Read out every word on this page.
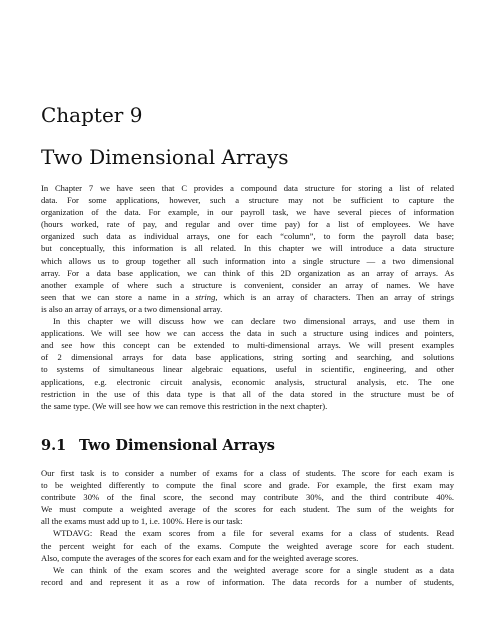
Chapter 9
Two Dimensional Arrays
In Chapter 7 we have seen that C provides a compound data structure for storing a list of related
data. For some applications, however, such a structure may not be sufficient to capture the
organization of the data. For example, in our payroll task, we have several pieces of information
(hours worked, rate of pay, and regular and over time pay) for a list of employees. We have
organized such data as individual arrays, one for each “column”, to form the payroll data base;
but conceptually, this information is all related. In this chapter we will introduce a data structure
which allows us to group together all such information into a single structure — a two dimensional
array. For a data base application, we can think of this 2D organization as an array of arrays. As
another example of where such a structure is convenient, consider an array of names. We have
seen that we can store a name in a string, which is an array of characters. Then an array of strings
is also an array of arrays, or a two dimensional array.
In this chapter we will discuss how we can declare two dimensional arrays, and use them in
applications. We will see how we can access the data in such a structure using indices and pointers,
and see how this concept can be extended to multi-dimensional arrays. We will present examples
of 2 dimensional arrays for data base applications, string sorting and searching, and solutions
to systems of simultaneous linear algebraic equations, useful in scientific, engineering, and other
applications, e.g. electronic circuit analysis, economic analysis, structural analysis, etc. The one
restriction in the use of this data type is that all of the data stored in the structure must be of
the same type. (We will see how we can remove this restriction in the next chapter).
9.1 Two Dimensional Arrays
Our first task is to consider a number of exams for a class of students. The score for each exam is
to be weighted differently to compute the final score and grade. For example, the first exam may
contribute 30% of the final score, the second may contribute 30%, and the third contribute 40%.
We must compute a weighted average of the scores for each student. The sum of the weights for
all the exams must add up to 1, i.e. 100%. Here is our task:
WTDAVG: Read the exam scores from a file for several exams for a class of students. Read
the percent weight for each of the exams. Compute the weighted average score for each student.
Also, compute the averages of the scores for each exam and for the weighted average scores.
We can think of the exam scores and the weighted average score for a single student as a data
record and and represent it as a row of information. The data records for a number of students,
